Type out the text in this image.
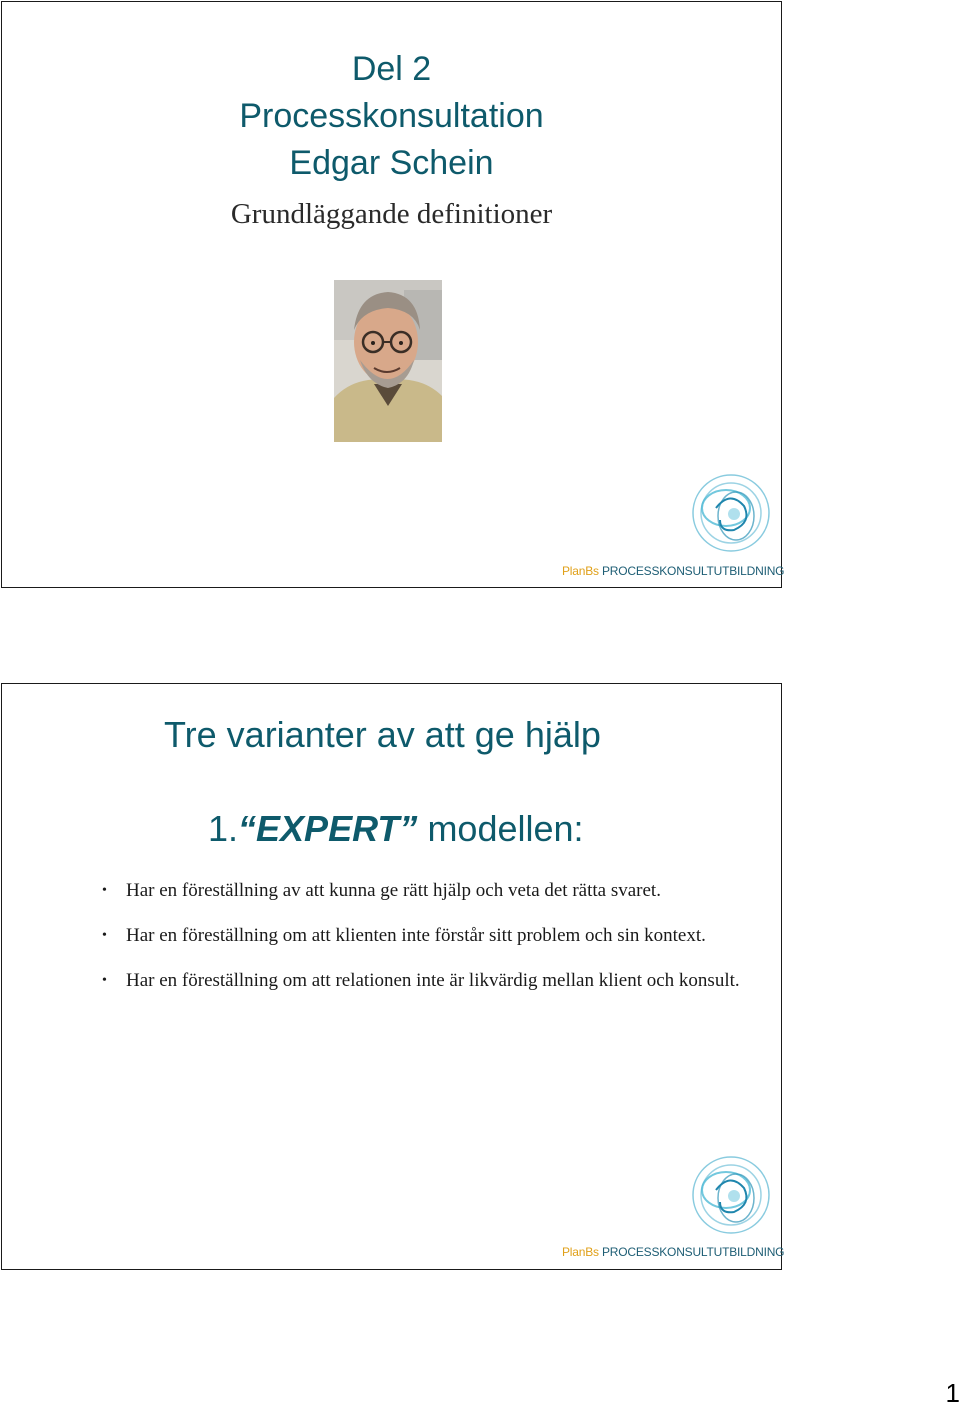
Del 2
Processkonsultation
Edgar Schein
Grundläggande definitioner
PlanBs PROCESSKONSULTUTBILDNING
Tre varianter av att ge hjälp
1.“EXPERT” modellen:
• Har en föreställning av att kunna ge rätt hjälp och veta det rätta svaret.
• Har en föreställning om att klienten inte förstår sitt problem och sin kontext.
• Har en föreställning om att relationen inte är likvärdig mellan klient och konsult.
PlanBs PROCESSKONSULTUTBILDNING
1
